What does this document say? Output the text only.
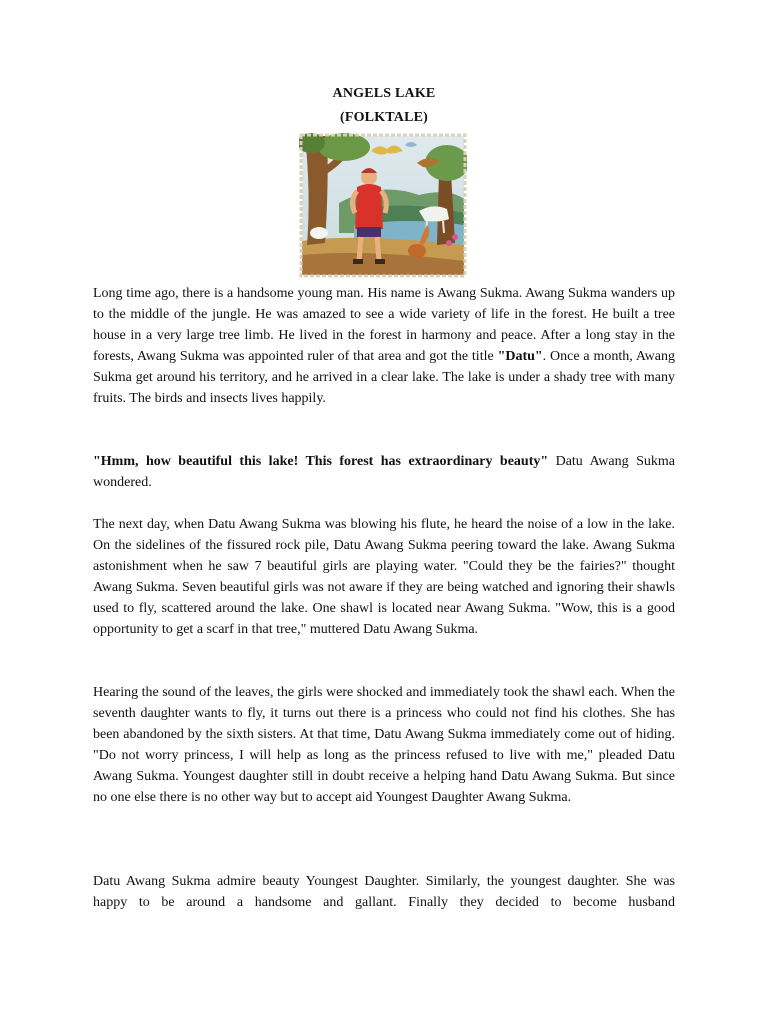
ANGELS LAKE
(FOLKTALE)

Long time ago, there is a handsome young man. His name is Awang Sukma. Awang Sukma wanders up to the middle of the jungle. He was amazed to see a wide variety of life in the forest. He built a tree house in a very large tree limb. He lived in the forest in harmony and peace. After a long stay in the forests, Awang Sukma was appointed ruler of that area and got the title "Datu". Once a month, Awang Sukma get around his territory, and he arrived in a clear lake. The lake is under a shady tree with many fruits. The birds and insects lives happily.

"Hmm, how beautiful this lake! This forest has extraordinary beauty" Datu Awang Sukma wondered.

The next day, when Datu Awang Sukma was blowing his flute, he heard the noise of a low in the lake. On the sidelines of the fissured rock pile, Datu Awang Sukma peering toward the lake. Awang Sukma astonishment when he saw 7 beautiful girls are playing water. "Could they be the fairies?" thought Awang Sukma. Seven beautiful girls was not aware if they are being watched and ignoring their shawls used to fly, scattered around the lake. One shawl is located near Awang Sukma. "Wow, this is a good opportunity to get a scarf in that tree," muttered Datu Awang Sukma.

Hearing the sound of the leaves, the girls were shocked and immediately took the shawl each. When the seventh daughter wants to fly, it turns out there is a princess who could not find his clothes. She has been abandoned by the sixth sisters. At that time, Datu Awang Sukma immediately come out of hiding. "Do not worry princess, I will help as long as the princess refused to live with me," pleaded Datu Awang Sukma. Youngest daughter still in doubt receive a helping hand Datu Awang Sukma. But since no one else there is no other way but to accept aid Youngest Daughter Awang Sukma.

Datu Awang Sukma admire beauty Youngest Daughter. Similarly, the youngest daughter. She was happy to be around a handsome and gallant. Finally they decided to become husband
